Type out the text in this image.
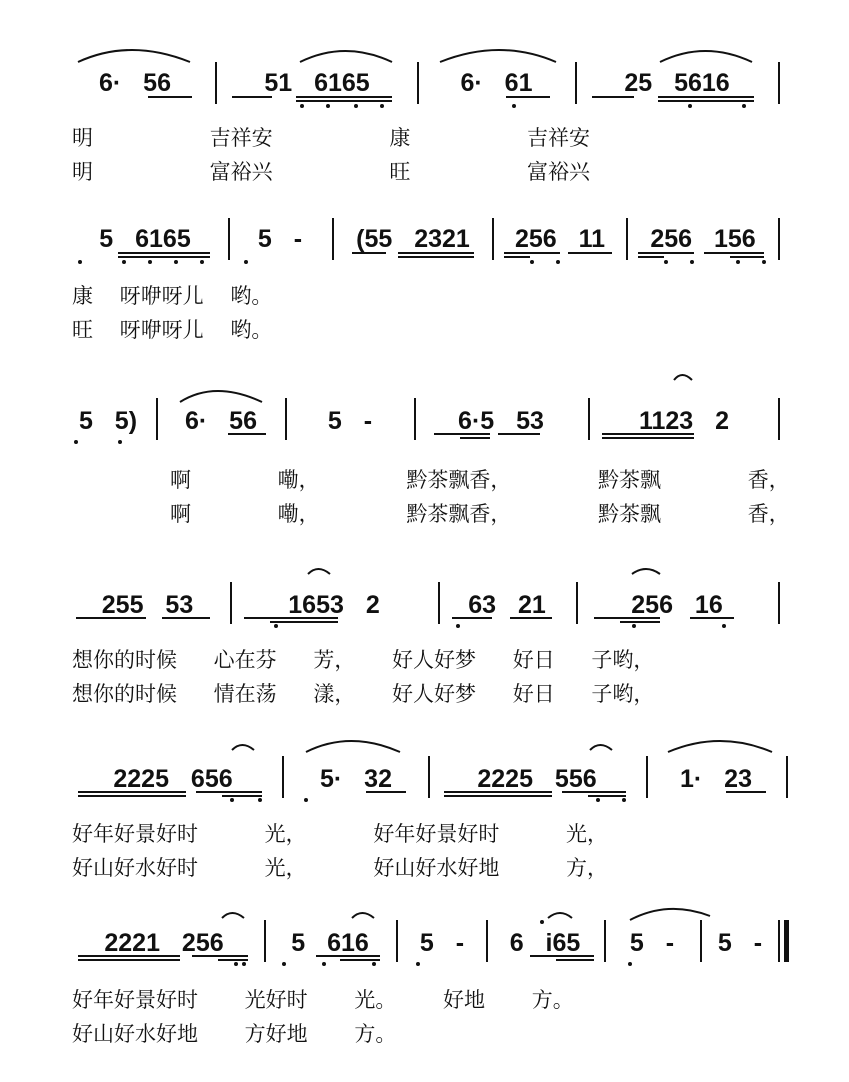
6· 56	51 6165	6· 61	25 5616
明 吉祥安 康 吉祥安
明 富裕兴 旺 富裕兴
5 6165	5 -	(55 2321	256 11	256 156
康 呀咿呀儿 哟。
旺 呀咿呀儿 哟。
5 5)	6· 56	5 -	6·5 53	1123 2
啊 嘞， 黔茶飘香， 黔茶飘 香，
啊 嘞， 黔茶飘香， 黔茶飘 香，
255 53	1653 2	63 21	256 16
想你的时候 心在芬 芳， 好人好梦 好日 子哟，
想你的时候 情在荡 漾， 好人好梦 好日 子哟，
2225 656	5· 32	2225 556	1· 23
好年好景好时 光， 好年好景好时 光，
好山好水好时 光， 好山好水好地 方，
2221 256	5 616	5 -	6 i65	5 -	5 -
好年好景好时 光好时 光。 好地 方。
好山好水好地 方好地 方。
